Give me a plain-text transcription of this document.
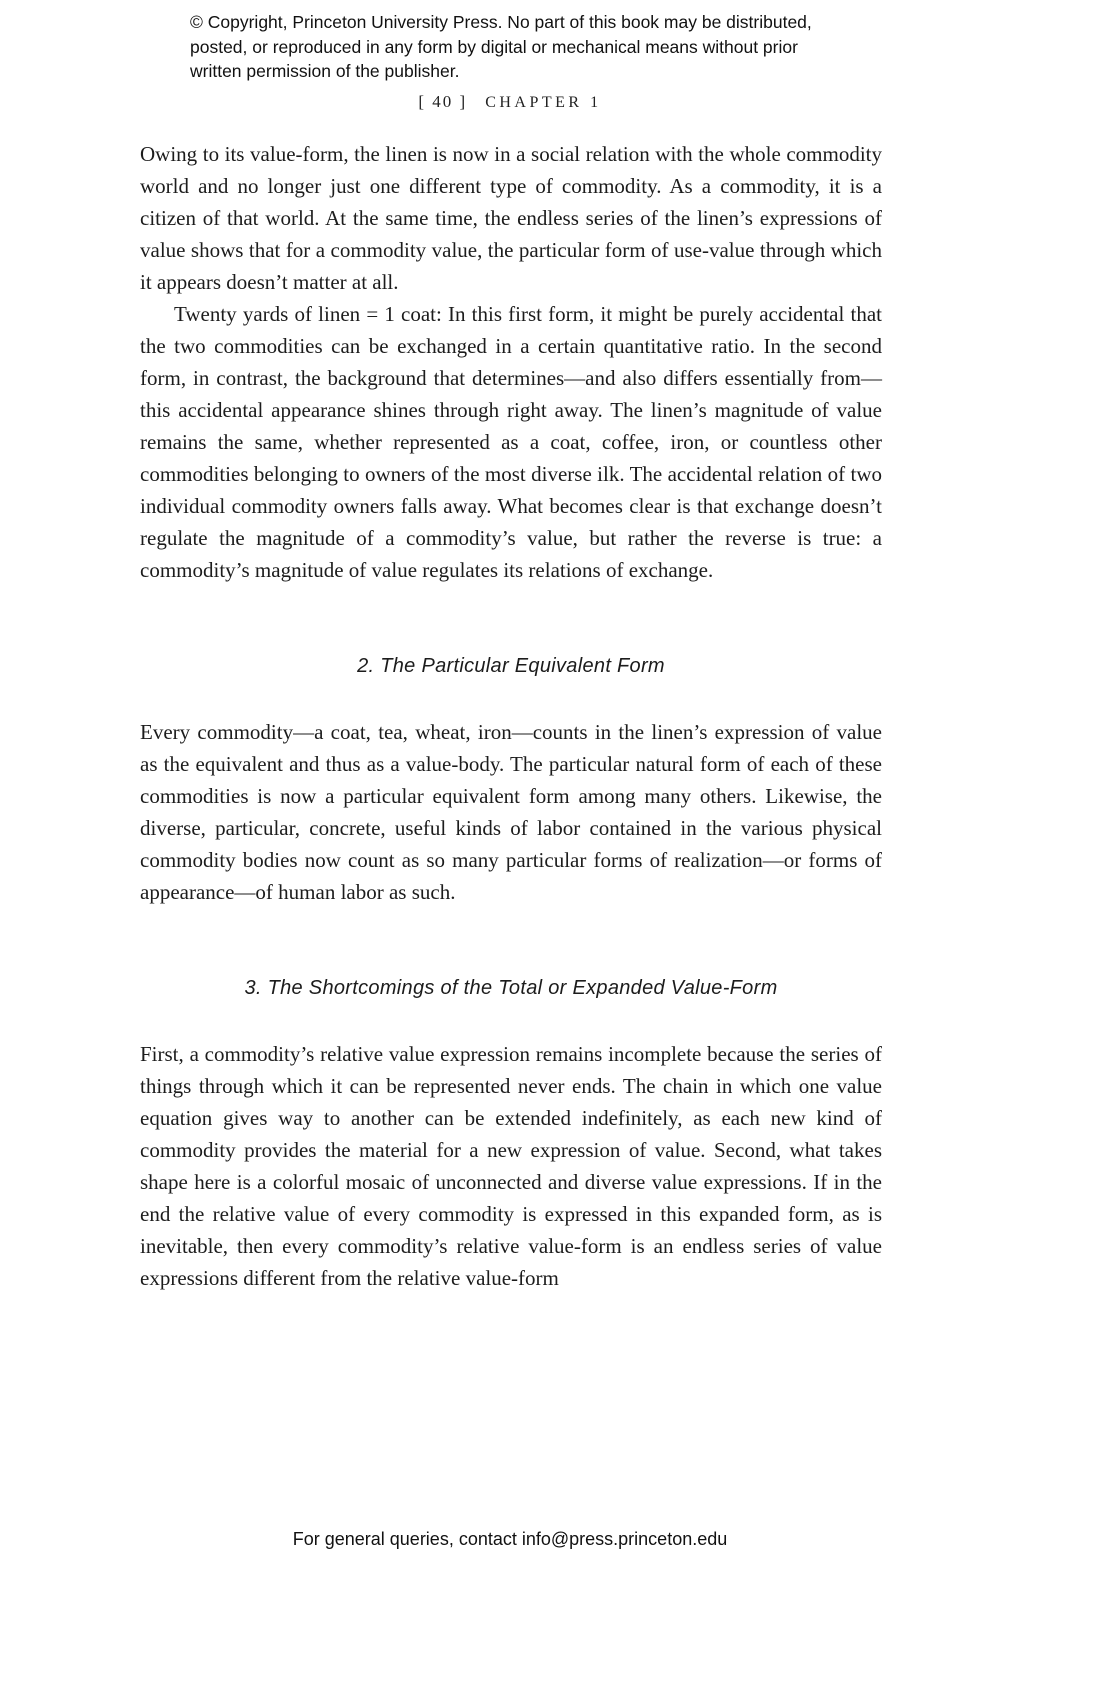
© Copyright, Princeton University Press. No part of this book may be distributed, posted, or reproduced in any form by digital or mechanical means without prior written permission of the publisher.
[ 40 ] CHAPTER 1

Owing to its value-form, the linen is now in a social relation with the whole commodity world and no longer just one different type of commodity. As a commodity, it is a citizen of that world. At the same time, the endless series of the linen’s expressions of value shows that for a commodity value, the particular form of use-value through which it appears doesn’t matter at all.

Twenty yards of linen = 1 coat: In this first form, it might be purely accidental that the two commodities can be exchanged in a certain quantitative ratio. In the second form, in contrast, the background that determines—and also differs essentially from—this accidental appearance shines through right away. The linen’s magnitude of value remains the same, whether represented as a coat, coffee, iron, or countless other commodities belonging to owners of the most diverse ilk. The accidental relation of two individual commodity owners falls away. What becomes clear is that exchange doesn’t regulate the magnitude of a commodity’s value, but rather the reverse is true: a commodity’s magnitude of value regulates its relations of exchange.

2. The Particular Equivalent Form

Every commodity—a coat, tea, wheat, iron—counts in the linen’s expression of value as the equivalent and thus as a value-body. The particular natural form of each of these commodities is now a particular equivalent form among many others. Likewise, the diverse, particular, concrete, useful kinds of labor contained in the various physical commodity bodies now count as so many particular forms of realization—or forms of appearance—of human labor as such.

3. The Shortcomings of the Total or Expanded Value-Form

First, a commodity’s relative value expression remains incomplete because the series of things through which it can be represented never ends. The chain in which one value equation gives way to another can be extended indefinitely, as each new kind of commodity provides the material for a new expression of value. Second, what takes shape here is a colorful mosaic of unconnected and diverse value expressions. If in the end the relative value of every commodity is expressed in this expanded form, as is inevitable, then every commodity’s relative value-form is an endless series of value expressions different from the relative value-form

For general queries, contact info@press.princeton.edu
